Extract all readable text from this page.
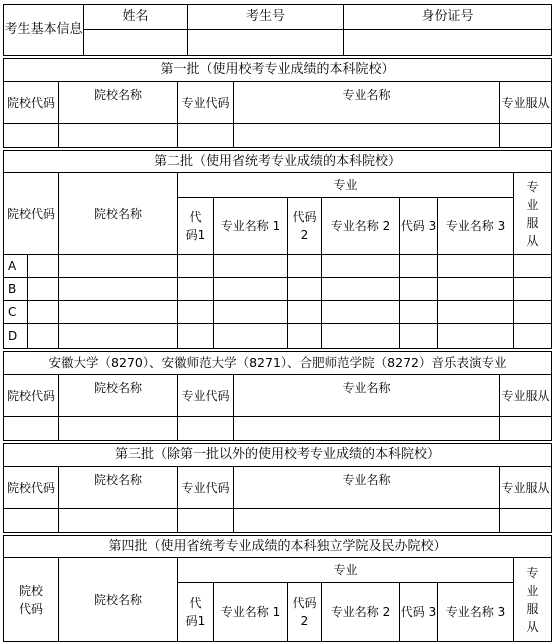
考生基本信息	姓名	考生号	身份证号

第一批（使用校考专业成绩的本科院校）				
院校代码	院校名称	专业代码	专业名称	专业服从

第二批（使用省统考专业成绩的本科院校）									
院校代码		院校名称	专业						专业服从
			代码1	专业名称 1	代码2	专业名称 2	代码 3	专业名称 3	
A									
B									
C									
D									
安徽大学（8270）、安徽师范大学（8271）、合肥师范学院（8272）音乐表演专业				
院校代码	院校名称	专业代码	专业名称	专业服从

第三批（除第一批以外的使用校考专业成绩的本科院校）				
院校代码	院校名称	专业代码	专业名称	专业服从

第四批（使用省统考专业成绩的本科独立学院及民办院校）								
院校代码	院校名称	专业						专业服从
		代码1	专业名称 1	代码2	专业名称 2	代码 3	专业名称 3	
